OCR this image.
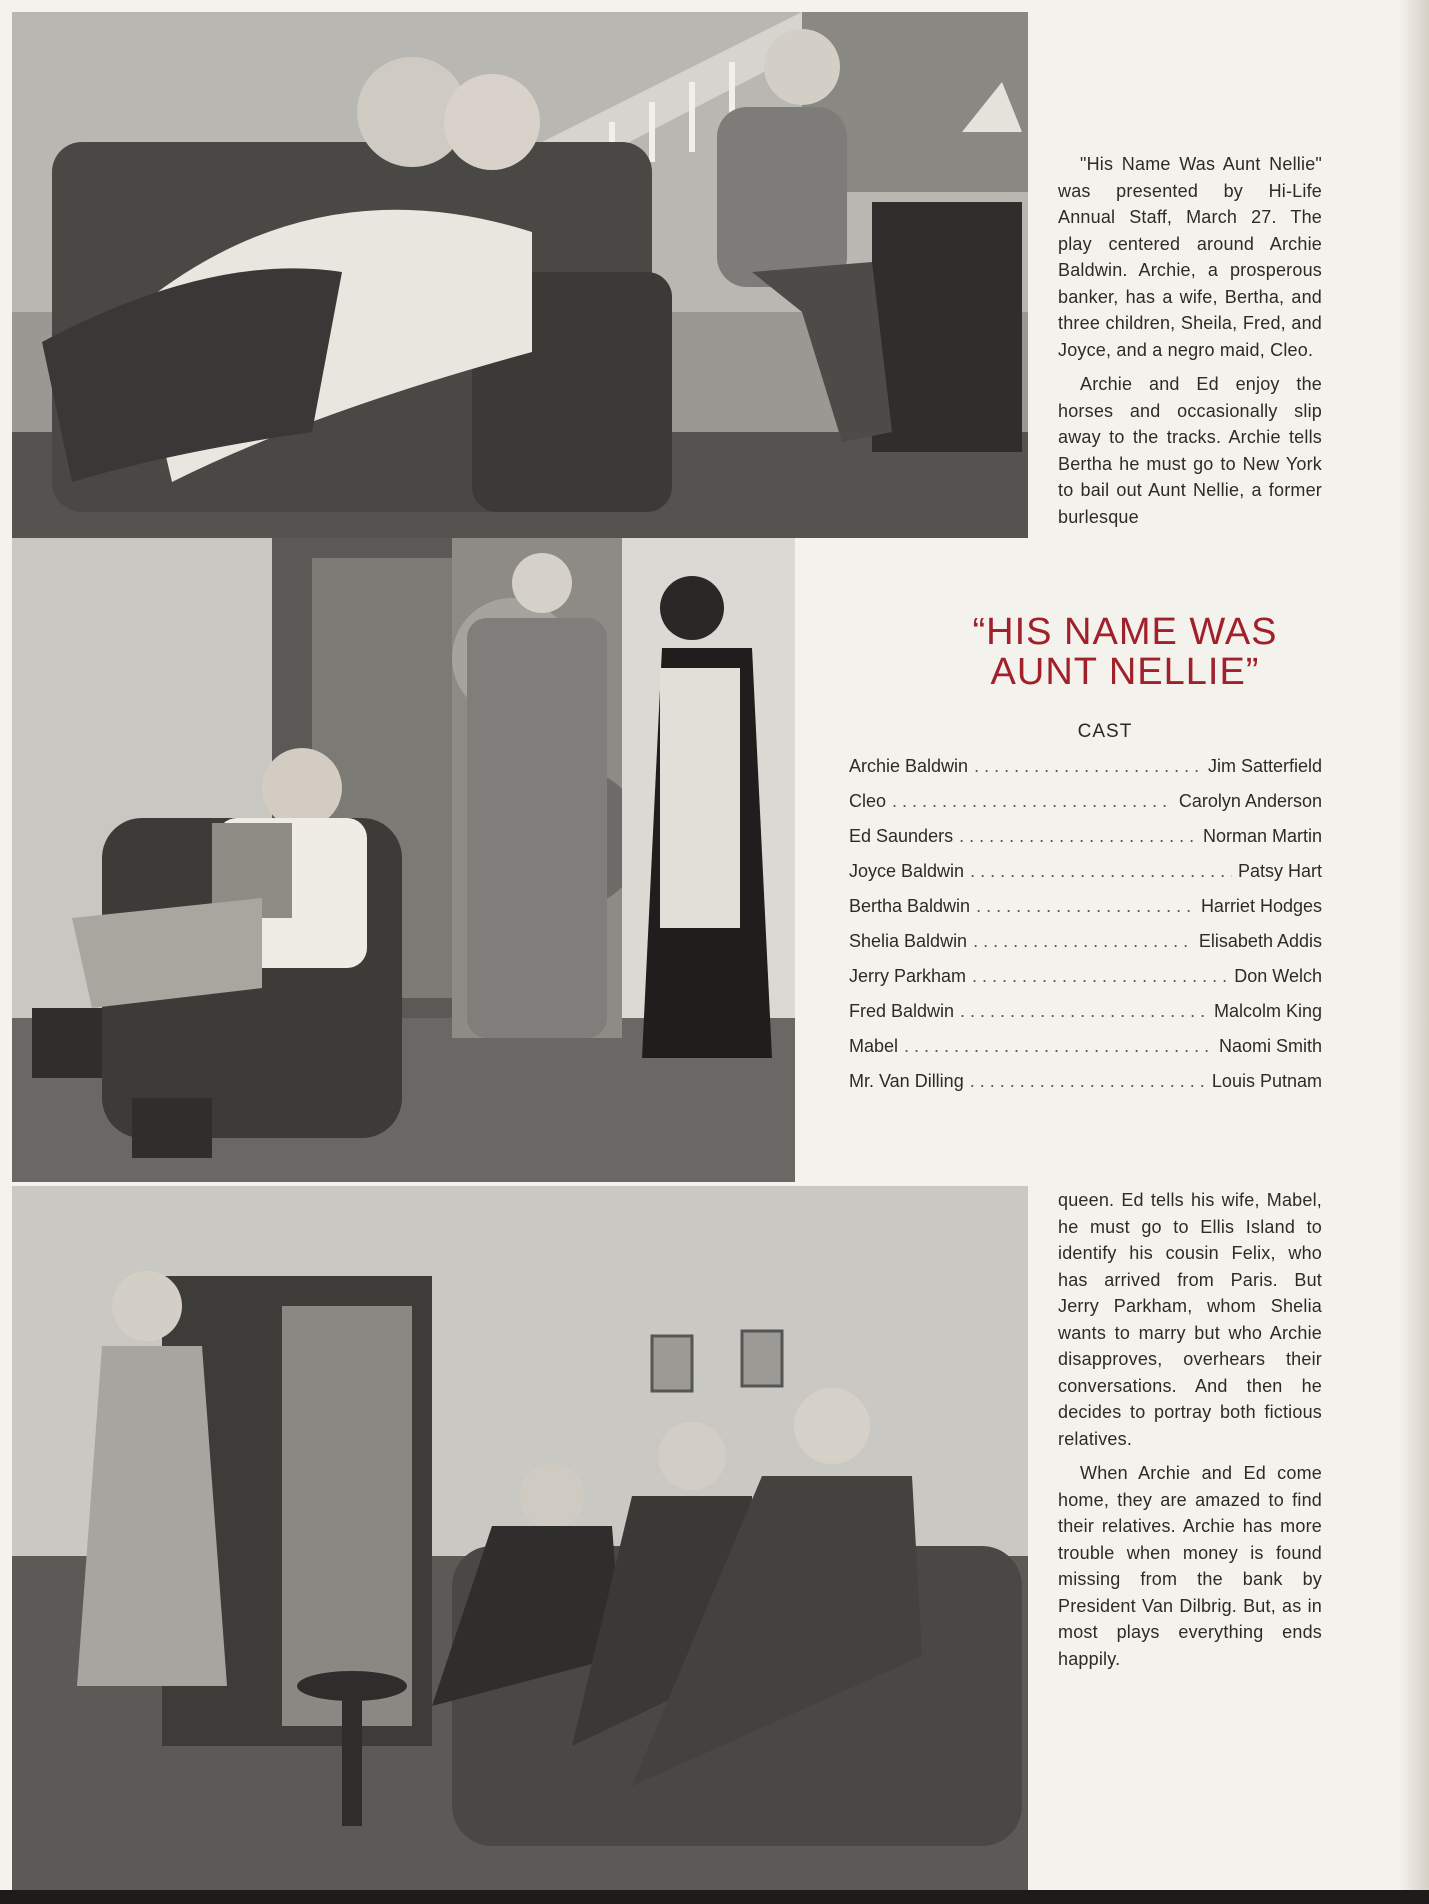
"His Name Was Aunt Nellie" was presented by Hi-Life Annual Staff, March 27. The play centered around Archie Baldwin. Archie, a prosperous banker, has a wife, Bertha, and three children, Sheila, Fred, and Joyce, and a negro maid, Cleo.

Archie and Ed enjoy the horses and occasionally slip away to the tracks. Archie tells Bertha he must go to New York to bail out Aunt Nellie, a former burlesque

“HIS NAME WAS
AUNT NELLIE”
CAST
Archie Baldwin . . .	Jim Satterfield
Cleo . . .	Carolyn Anderson
Ed Saunders . . .	Norman Martin
Joyce Baldwin . . .	Patsy Hart
Bertha Baldwin . . .	Harriet Hodges
Shelia Baldwin . . .	Elisabeth Addis
Jerry Parkham . . .	Don Welch
Fred Baldwin . . .	Malcolm King
Mabel . . .	Naomi Smith
Mr. Van Dilling . . .	Louis Putnam

queen. Ed tells his wife, Mabel, he must go to Ellis Island to identify his cousin Felix, who has arrived from Paris. But Jerry Parkham, whom Shelia wants to marry but who Archie disapproves, overhears their conversations. And then he decides to portray both fictious relatives.

When Archie and Ed come home, they are amazed to find their relatives. Archie has more trouble when money is found missing from the bank by President Van Dilbrig. But, as in most plays everything ends happily.
